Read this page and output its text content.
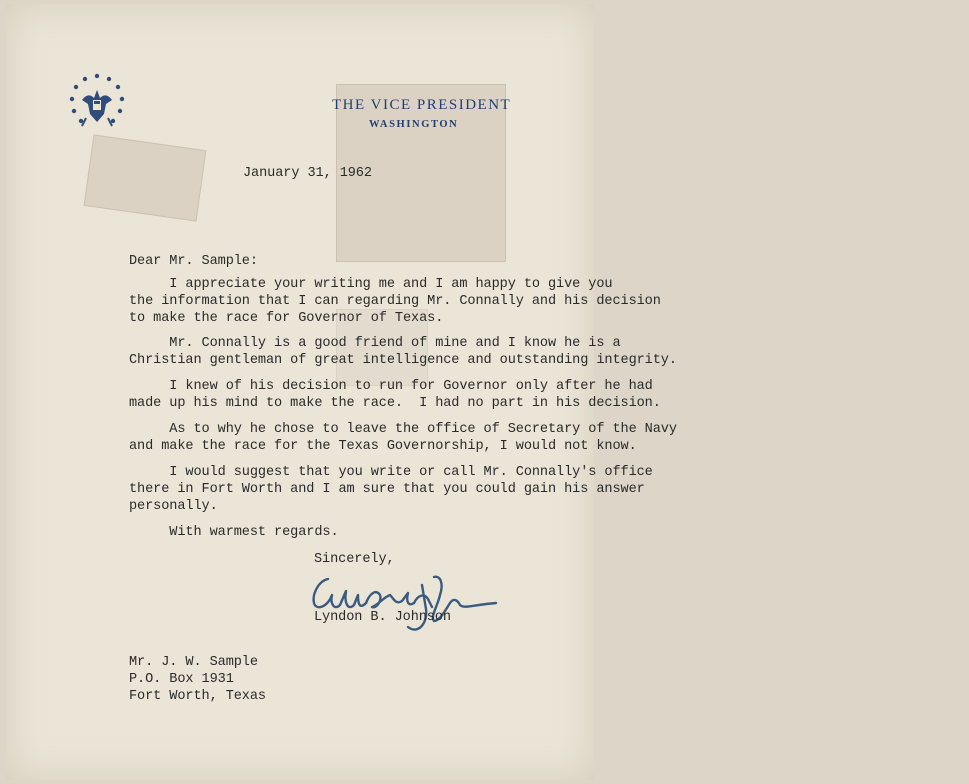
THE VICE PRESIDENT
WASHINGTON
January 31, 1962
Dear Mr. Sample:
I appreciate your writing me and I am happy to give you
the information that I can regarding Mr. Connally and his decision
to make the race for Governor of Texas.
Mr. Connally is a good friend of mine and I know he is a
Christian gentleman of great intelligence and outstanding integrity.
I knew of his decision to run for Governor only after he had
made up his mind to make the race.  I had no part in his decision.
As to why he chose to leave the office of Secretary of the Navy
and make the race for the Texas Governorship, I would not know.
I would suggest that you write or call Mr. Connally's office
there in Fort Worth and I am sure that you could gain his answer
personally.
With warmest regards.
Sincerely,
Lyndon B. Johnson
Mr. J. W. Sample
P.O. Box 1931
Fort Worth, Texas
